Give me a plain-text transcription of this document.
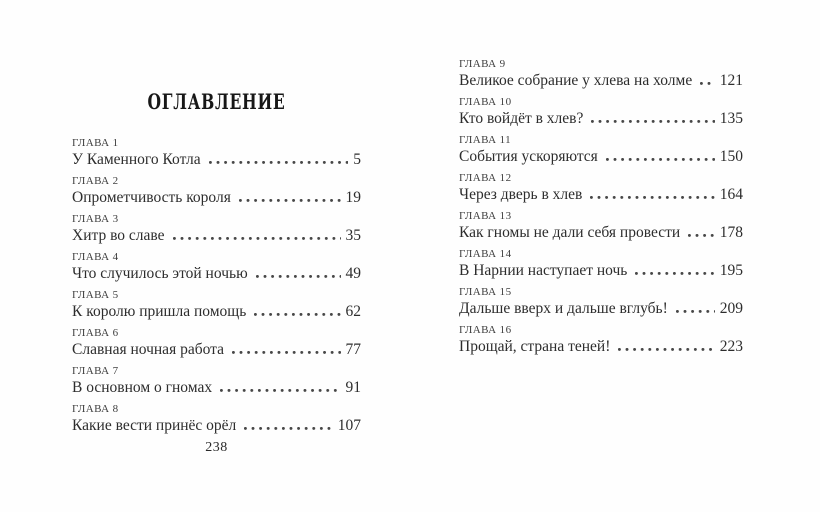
ОГЛАВЛЕНИЕ
ГЛАВА 1
У Каменного Котла	5
ГЛАВА 2
Опрометчивость короля	19
ГЛАВА 3
Хитр во славе	35
ГЛАВА 4
Что случилось этой ночью	49
ГЛАВА 5
К королю пришла помощь	62
ГЛАВА 6
Славная ночная работа	77
ГЛАВА 7
В основном о гномах	91
ГЛАВА 8
Какие вести принёс орёл	107
238
ГЛАВА 9
Великое собрание у хлева на холме 121
ГЛАВА 10
Кто войдёт в хлев?	135
ГЛАВА 11
События ускоряются	150
ГЛАВА 12
Через дверь в хлев	164
ГЛАВА 13
Как гномы не дали себя провести	178
ГЛАВА 14
В Нарнии наступает ночь	195
ГЛАВА 15
Дальше вверх и дальше вглубь!	209
ГЛАВА 16
Прощай, страна теней!	223
